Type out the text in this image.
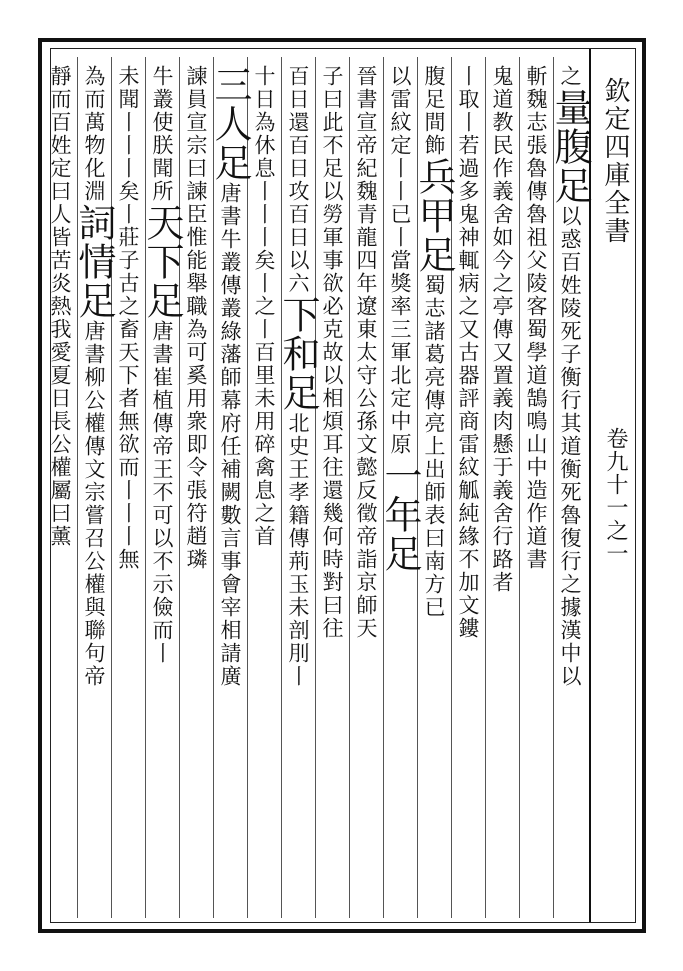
欽定四庫全書
卷九十一之一
之量腹足以惑百姓陵死子衡行其道衡死魯復行之據漢中以
斬魏志張魯傳魯祖父陵客蜀學道鵠鳴山中造作道書
鬼道教民作義舍如今之亭傳又置義肉懸于義舍行路者
丨取丨若過多鬼神輒病之又古器評商雷紋觚純緣不加文鏤
腹足間飾兵甲足蜀志諸葛亮傳亮上出師表曰南方已
以雷紋定丨丨已丨當獎率三軍北定中原一年足
晉書宣帝紀魏青龍四年遼東太守公孫文懿反徵帝詣京師天
子曰此不足以勞軍事欲必克故以相煩耳往還幾何時對曰往
百日還百日攻百日以六下和足北史王孝籍傳荊玉未剖刖丨
十日為休息丨丨丨矣丨之丨百里未用碎禽息之首
三人足唐書牛叢傳叢綠藩師幕府任補闕數言事會宰相請廣
諫員宣宗曰諫臣惟能舉職為可奚用衆即令張符趙璘
牛叢使朕聞所天下足唐書崔植傳帝王不可以不示儉而丨
未聞丨丨丨矣丨莊子古之畜天下者無欲而丨丨丨無
為而萬物化淵詞情足唐書柳公權傳文宗嘗召公權與聯句帝
靜而百姓定曰人皆苦炎熱我愛夏日長公權屬曰薰
